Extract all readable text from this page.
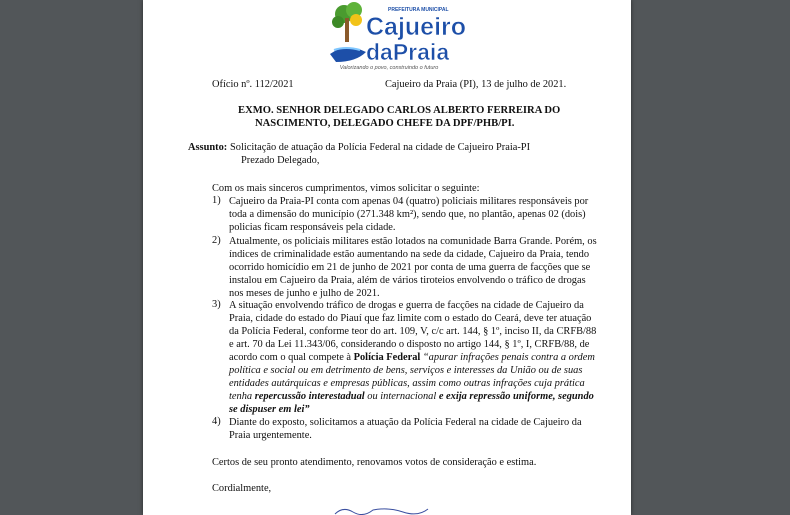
PREFEITURA MUNICIPAL
Cajueiro
daPraia
Valorizando o povo, construindo o futuro
Ofício nº. 112/2021	Cajueiro da Praia (PI), 13 de julho de 2021.
EXMO. SENHOR DELEGADO CARLOS ALBERTO FERREIRA DO
NASCIMENTO, DELEGADO CHEFE DA DPF/PHB/PI.
Assunto: Solicitação de atuação da Polícia Federal na cidade de Cajueiro Praia-PI
Prezado Delegado,
Com os mais sinceros cumprimentos, vimos solicitar o seguinte:
1) Cajueiro da Praia-PI conta com apenas 04 (quatro) policiais militares responsáveis por
toda a dimensão do município (271.348 km²), sendo que, no plantão, apenas 02 (dois)
policias ficam responsáveis pela cidade.
2) Atualmente, os policiais militares estão lotados na comunidade Barra Grande. Porém, os
índices de criminalidade estão aumentando na sede da cidade, Cajueiro da Praia, tendo
ocorrido homicídio em 21 de junho de 2021 por conta de uma guerra de facções que se
instalou em Cajueiro da Praia, além de vários tiroteios envolvendo o tráfico de drogas
nos meses de junho e julho de 2021.
3) A situação envolvendo tráfico de drogas e guerra de facções na cidade de Cajueiro da
Praia, cidade do estado do Piauí que faz limite com o estado do Ceará, deve ter atuação
da Polícia Federal, conforme teor do art. 109, V, c/c art. 144, § 1º, inciso II, da CRFB/88
e art. 70 da Lei 11.343/06, considerando o disposto no artigo 144, § 1º, I, CRFB/88, de
acordo com o qual compete à Polícia Federal “apurar infrações penais contra a ordem
política e social ou em detrimento de bens, serviços e interesses da União ou de suas
entidades autárquicas e empresas públicas, assim como outras infrações cuja prática
tenha repercussão interestadual ou internacional e exija repressão uniforme, segundo
se dispuser em lei”
4) Diante do exposto, solicitamos a atuação da Polícia Federal na cidade de Cajueiro da
Praia urgentemente.
Certos de seu pronto atendimento, renovamos votos de consideração e estima.
Cordialmente,
